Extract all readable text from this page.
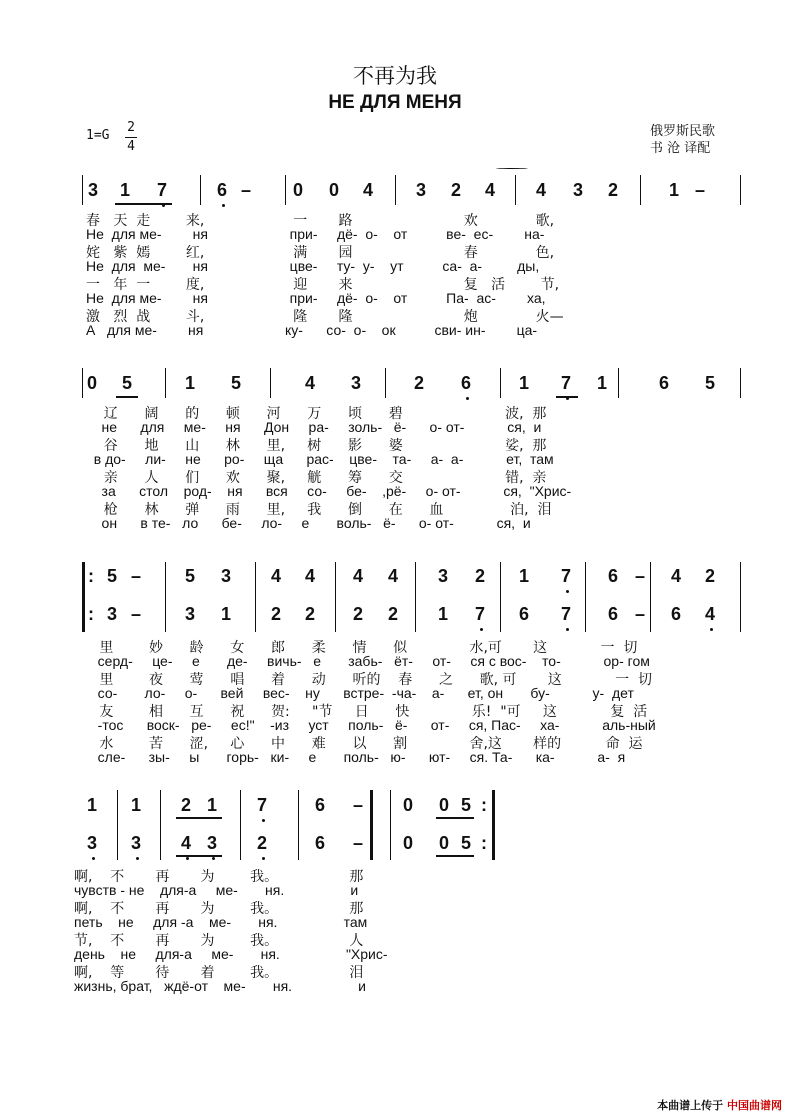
不再为我
НЕ ДЛЯ МЕНЯ
1=G
2
4
俄罗斯民歌
书 沧 译配
3 1 7	6 – 0 0 4 3 2 4 4 3 2	1 –
春   天  走        来,                    一       路                         欢             歌,
Не  для ме-        ня                     при-     дё-  о-    от          ве-  ес-        на-
姹   紫  嫣        红,                    满       园                         春             色,
Не  для  ме-       ня                     цве-     ту-  у-    ут          са-  а-         ды,
一   年  一        度,                    迎       来                         复   活        节,
Не  для ме-        ня                     при-     дё-  о-    от          Па-  ас-        ха,
激   烈  战        斗,                    隆       隆                         炮             火—
А   для ме-        ня                     ку-      со-  о-    ок          сви- ин-        ца-
0 5	1 5	4 3	2 6	1 7 1	6 5
辽      阔      的      顿      河      万      顷      碧                       波,  那
не      для     ме-     ня      Дон     ра-     золь-   ё-      о- от-           ся,  и
谷      地      山      林      里,     树      影      婆                       娑,  那
в до-     ли-     не      ро-     ща      рас-    цве-    та-     а-  а-           ет,  там
亲      人      们      欢      聚,     觥      筹      交                       错,  亲
за      стол    род-    ня      вся     со-     бе-    ,рё-     о- от-           ся,  "Хрис-
枪      林      弹      雨      里,     我      倒      在      血               泊,  泪
он      в те-   ло      бе-     ло-     е       воль-   ё-      о- от-           ся,  и
5 – 5 3 4 4 4 4 3 2 1 7 6 – 4 2
3 – 3 1 2 2 2 2 1 7 6 7 6 – 6 4
:
:
里        妙      龄      女      郎      柔      情      似              水,可       这            一  切
серд-     це-     е       де-     вичь-   е       забь-   ёт-     от-     ся с вос-    то-           ор- гом
里        夜      莺      唱      着      动      听的    春      之      歌, 可       这            一  切
со-       ло-     о-      вей     вес-    ну      встре-  -ча-    а-      ет, он       бу-           у-  дет
友        相      互      祝      贺:     "节     日      快              乐!  "可     这            复  活
-тос      воск-   ре-     ес!"    -из     уст     поль-   ё-      от-     ся, Пас-     ха-           аль-ный
水        苦      涩,     心      中      难      以      割              舍,这       样的          命  运
сле-      зы-     ы       горь-   ки-     е       поль-   ю-      ют-     ся. Та-      ка-           а-  я
1 1 2 1 7	6 – 0 0 5
3 3 4 3 2	6 – 0 0 5
:
:
啊,    不       再       为        我。                那
чувств - не    для-а     ме-       ня.                 и
啊,    不       再       为        我。                那
петь    не     для -а    ме-       ня.                 там
节,    不       再       为        我。                人
день    не     для-а     ме-       ня.                 "Хрис-
啊,    等       待       着        我。                泪
жизнь, брат,   ждё-от    ме-       ня.                 и
本曲谱上传于 中国曲谱网
